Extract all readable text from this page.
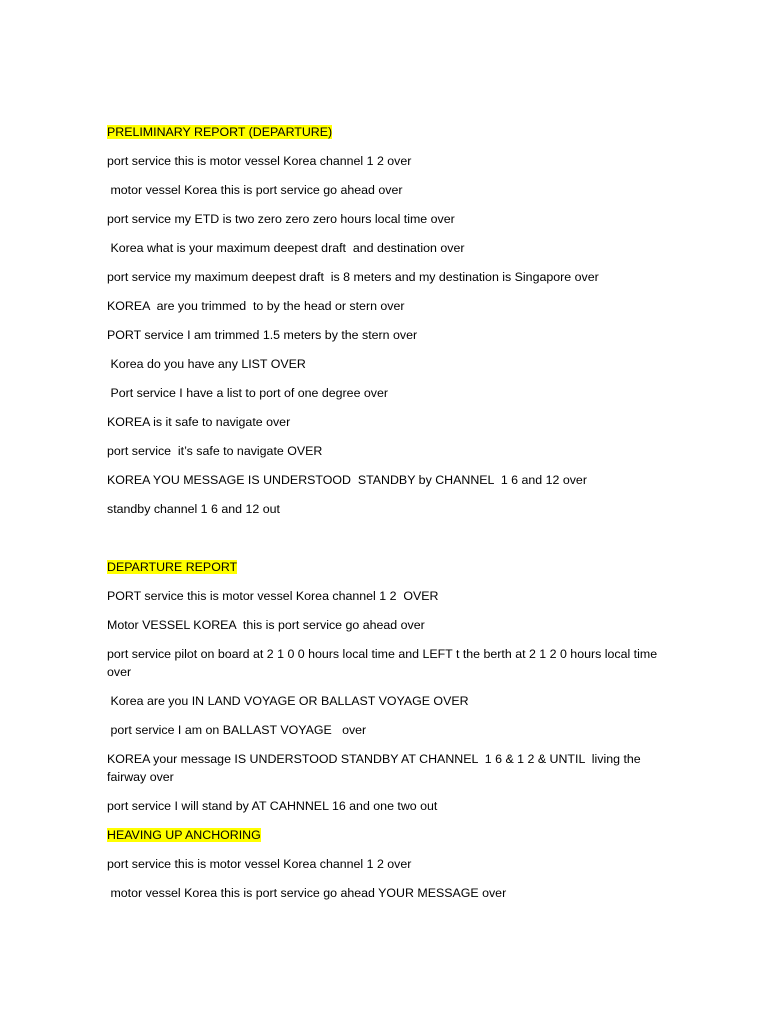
PRELIMINARY REPORT (DEPARTURE)
port service this is motor vessel Korea channel 1 2 over
motor vessel Korea this is port service go ahead over
port service my ETD is two zero zero zero hours local time over
Korea what is your maximum deepest draft  and destination over
port service my maximum deepest draft  is 8 meters and my destination is Singapore over
KOREA  are you trimmed  to by the head or stern over
PORT service I am trimmed 1.5 meters by the stern over
Korea do you have any LIST OVER
Port service I have a list to port of one degree over
KOREA is it safe to navigate over
port service  it’s safe to navigate OVER
KOREA YOU MESSAGE IS UNDERSTOOD  STANDBY by CHANNEL  1 6 and 12 over
standby channel 1 6 and 12 out
DEPARTURE REPORT
PORT service this is motor vessel Korea channel 1 2  OVER
Motor VESSEL KOREA  this is port service go ahead over
port service pilot on board at 2 1 0 0 hours local time and LEFT t the berth at 2 1 2 0 hours local time over
Korea are you IN LAND VOYAGE OR BALLAST VOYAGE OVER
port service I am on BALLAST VOYAGE   over
KOREA your message IS UNDERSTOOD STANDBY AT CHANNEL  1 6 & 1 2 & UNTIL  living the fairway over
port service I will stand by AT CAHNNEL 16 and one two out
HEAVING UP ANCHORING
port service this is motor vessel Korea channel 1 2 over
motor vessel Korea this is port service go ahead YOUR MESSAGE over
